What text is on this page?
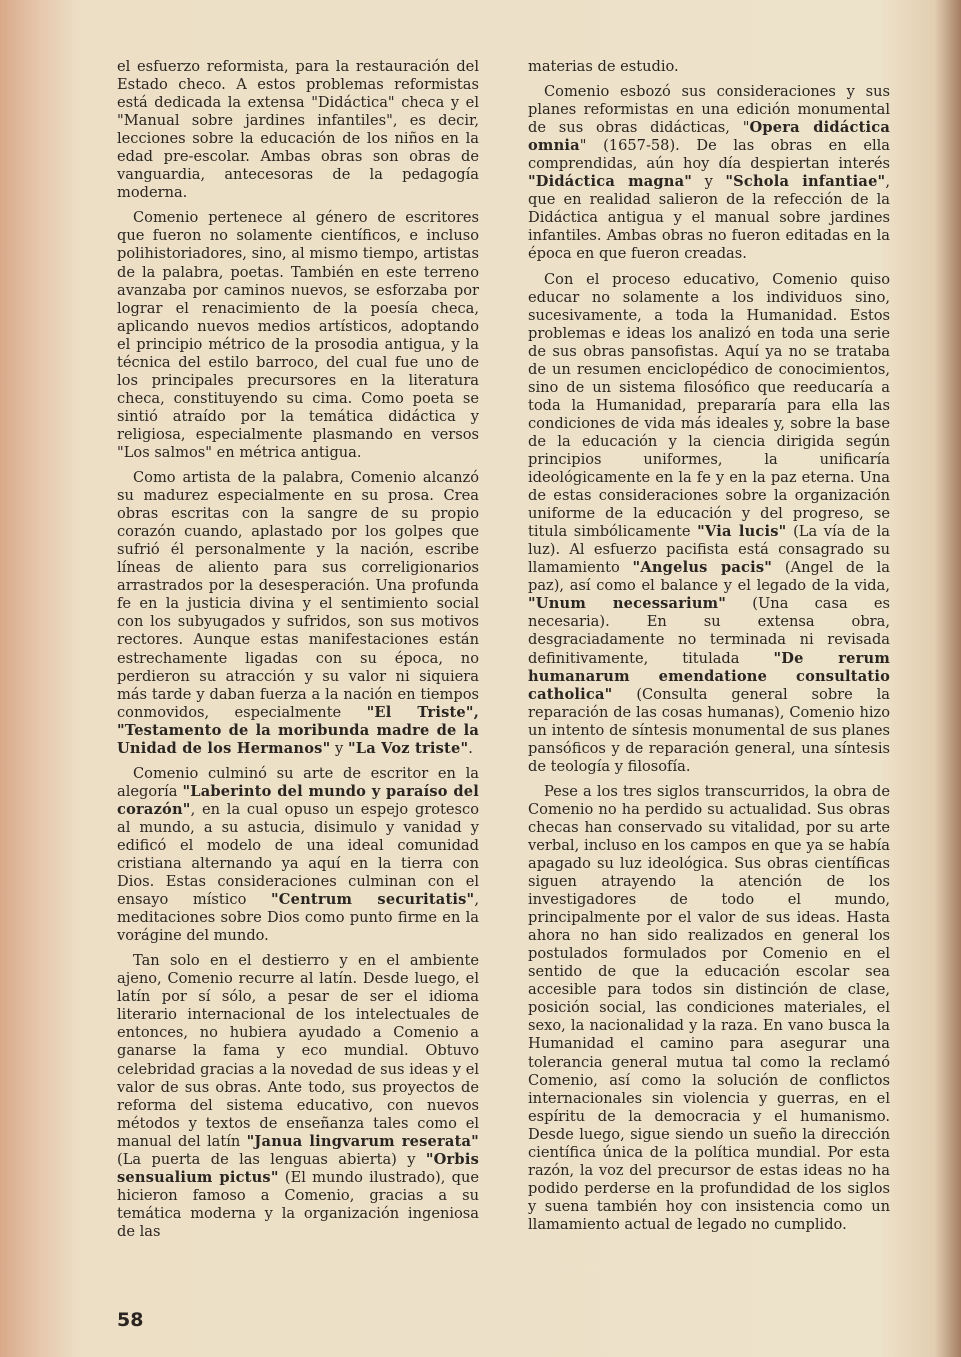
el esfuerzo reformista, para la restauración del Estado checo. A estos problemas reformistas está dedicada la extensa "Didáctica" checa y el "Manual sobre jardines infantiles", es decir, lecciones sobre la educación de los niños en la edad pre-escolar. Ambas obras son obras de vanguardia, antecesoras de la pedagogía moderna.

Comenio pertenece al género de escritores que fueron no solamente científicos, e incluso polihistoriadores, sino, al mismo tiempo, artistas de la palabra, poetas. También en este terreno avanzaba por caminos nuevos, se esforzaba por lograr el renacimiento de la poesía checa, aplicando nuevos medios artísticos, adoptando el principio métrico de la prosodia antigua, y la técnica del estilo barroco, del cual fue uno de los principales precursores en la literatura checa, constituyendo su cima. Como poeta se sintió atraído por la temática didáctica y religiosa, especialmente plasmando en versos "Los salmos" en métrica antigua.

Como artista de la palabra, Comenio alcanzó su madurez especialmente en su prosa. Crea obras escritas con la sangre de su propio corazón cuando, aplastado por los golpes que sufrió él personalmente y la nación, escribe líneas de aliento para sus correligionarios arrastrados por la desesperación. Una profunda fe en la justicia divina y el sentimiento social con los subyugados y sufridos, son sus motivos rectores. Aunque estas manifestaciones están estrechamente ligadas con su época, no perdieron su atracción y su valor ni siquiera más tarde y daban fuerza a la nación en tiempos conmovidos, especialmente "El Triste", "Testamento de la moribunda madre de la Unidad de los Hermanos" y "La Voz triste".

Comenio culminó su arte de escritor en la alegoría "Laberinto del mundo y paraíso del corazón", en la cual opuso un espejo grotesco al mundo, a su astucia, disimulo y vanidad y edificó el modelo de una ideal comunidad cristiana alternando ya aquí en la tierra con Dios. Estas consideraciones culminan con el ensayo místico "Centrum securitatis", meditaciones sobre Dios como punto firme en la vorágine del mundo.

Tan solo en el destierro y en el ambiente ajeno, Comenio recurre al latín. Desde luego, el latín por sí sólo, a pesar de ser el idioma literario internacional de los intelectuales de entonces, no hubiera ayudado a Comenio a ganarse la fama y eco mundial. Obtuvo celebridad gracias a la novedad de sus ideas y el valor de sus obras. Ante todo, sus proyectos de reforma del sistema educativo, con nuevos métodos y textos de enseñanza tales como el manual del latín "Janua lingvarum reserata" (La puerta de las lenguas abierta) y "Orbis sensualium pictus" (El mundo ilustrado), que hicieron famoso a Comenio, gracias a su temática moderna y la organización ingeniosa de las

materias de estudio.

Comenio esbozó sus consideraciones y sus planes reformistas en una edición monumental de sus obras didácticas, "Opera didáctica omnia" (1657-58). De las obras en ella comprendidas, aún hoy día despiertan interés "Didáctica magna" y "Schola infantiae", que en realidad salieron de la refección de la Didáctica antigua y el manual sobre jardines infantiles. Ambas obras no fueron editadas en la época en que fueron creadas.

Con el proceso educativo, Comenio quiso educar no solamente a los individuos sino, sucesivamente, a toda la Humanidad. Estos problemas e ideas los analizó en toda una serie de sus obras pansofistas. Aquí ya no se trataba de un resumen enciclopédico de conocimientos, sino de un sistema filosófico que reeducaría a toda la Humanidad, prepararía para ella las condiciones de vida más ideales y, sobre la base de la educación y la ciencia dirigida según principios uniformes, la unificaría ideológicamente en la fe y en la paz eterna. Una de estas consideraciones sobre la organización uniforme de la educación y del progreso, se titula simbólicamente "Via lucis" (La vía de la luz). Al esfuerzo pacifista está consagrado su llamamiento "Angelus pacis" (Angel de la paz), así como el balance y el legado de la vida, "Unum necessarium" (Una casa es necesaria). En su extensa obra, desgraciadamente no terminada ni revisada definitivamente, titulada "De rerum humanarum emendatione consultatio catholica" (Consulta general sobre la reparación de las cosas humanas), Comenio hizo un intento de síntesis monumental de sus planes pansóficos y de reparación general, una síntesis de teología y filosofía.

Pese a los tres siglos transcurridos, la obra de Comenio no ha perdido su actualidad. Sus obras checas han conservado su vitalidad, por su arte verbal, incluso en los campos en que ya se había apagado su luz ideológica. Sus obras científicas siguen atrayendo la atención de los investigadores de todo el mundo, principalmente por el valor de sus ideas. Hasta ahora no han sido realizados en general los postulados formulados por Comenio en el sentido de que la educación escolar sea accesible para todos sin distinción de clase, posición social, las condiciones materiales, el sexo, la nacionalidad y la raza. En vano busca la Humanidad el camino para asegurar una tolerancia general mutua tal como la reclamó Comenio, así como la solución de conflictos internacionales sin violencia y guerras, en el espíritu de la democracia y el humanismo. Desde luego, sigue siendo un sueño la dirección científica única de la política mundial. Por esta razón, la voz del precursor de estas ideas no ha podido perderse en la profundidad de los siglos y suena también hoy con insistencia como un llamamiento actual de legado no cumplido.

58
